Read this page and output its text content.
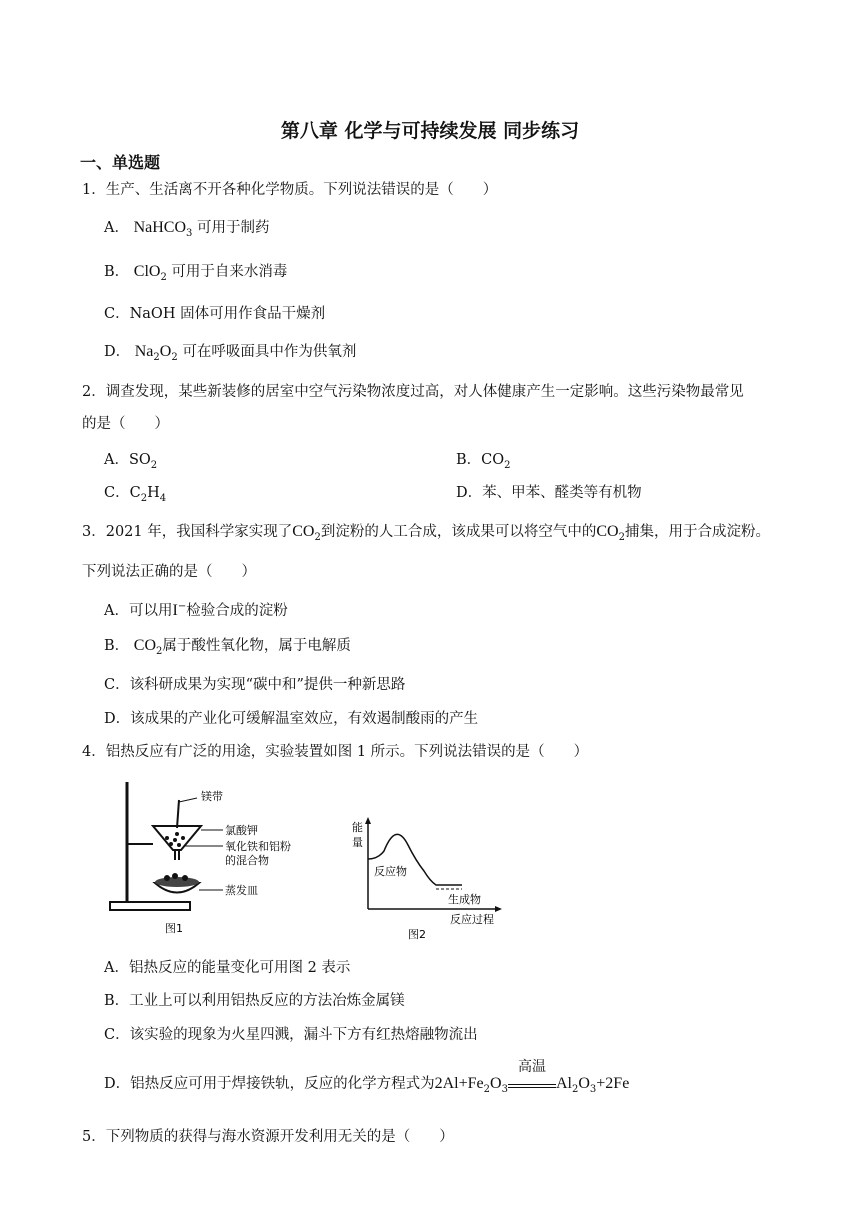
第八章 化学与可持续发展 同步练习
一、单选题
1．生产、生活离不开各种化学物质。下列说法错误的是（　　）
A． NaHCO$_3$ 可用于制药
B． ClO$_2$ 可用于自来水消毒
C．NaOH 固体可用作食品干燥剂
D． $Na_2O_2$ 可在呼吸面具中作为供氧剂
2．调查发现，某些新装修的居室中空气污染物浓度过高，对人体健康产生一定影响。这些污染物最常见
的是（　　）
A．$SO_2$	B．$CO_2$
C．$C_2H_4$	D．苯、甲苯、醛类等有机物
3．2021 年，我国科学家实现了$CO_2$到淀粉的人工合成，该成果可以将空气中的$CO_2$捕集，用于合成淀粉。
下列说法正确的是（　　）
A．可以用I−检验合成的淀粉
B． $CO_2$属于酸性氧化物，属于电解质
C．该科研成果为实现“碳中和”提供一种新思路
D．该成果的产业化可缓解温室效应，有效遏制酸雨的产生
4．铝热反应有广泛的用途，实验装置如图 1 所示。下列说法错误的是（　　）
镁带
氯酸钾
氧化铁和铝粉
的混合物
蒸发皿
图1
能
量
反应物
生成物
反应过程
图2
A．铝热反应的能量变化可用图 2 表示
B．工业上可以利用铝热反应的方法冶炼金属镁
C．该实验的现象为火星四溅，漏斗下方有红热熔融物流出
D．铝热反应可用于焊接铁轨，反应的化学方程式为$2Al+Fe_2O_3$
高温
$Al_2O_3+2Fe$
5．下列物质的获得与海水资源开发利用无关的是（　　）
